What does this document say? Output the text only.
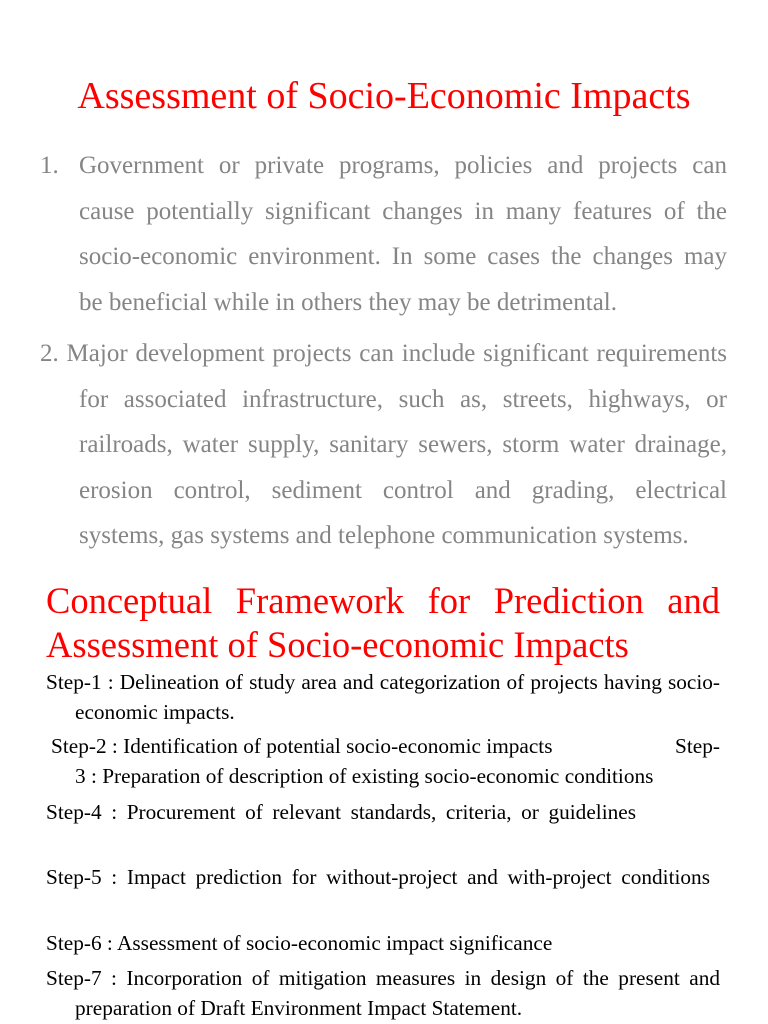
Assessment of Socio-Economic Impacts
1. Government or private programs, policies and projects can
cause potentially significant changes in many features of the
socio-economic environment. In some cases the changes may
be beneficial while in others they may be detrimental.
2. Major development projects can include significant requirements
for associated infrastructure, such as, streets, highways, or
railroads, water supply, sanitary sewers, storm water drainage,
erosion control, sediment control and grading, electrical
systems, gas systems and telephone communication systems.
Conceptual Framework for Prediction and
Assessment of Socio-economic Impacts
Step-1 : Delineation of study area and categorization of projects having socio-
economic impacts.
Step-2 : Identification of potential socio-economic impacts	Step-
3 : Preparation of description of existing socio-economic conditions
Step-4 : Procurement of relevant standards, criteria, or guidelines
Step-5 : Impact prediction for without-project and with-project conditions
Step-6 : Assessment of socio-economic impact significance
Step-7 : Incorporation of mitigation measures in design of the present and
preparation of Draft Environment Impact Statement.
